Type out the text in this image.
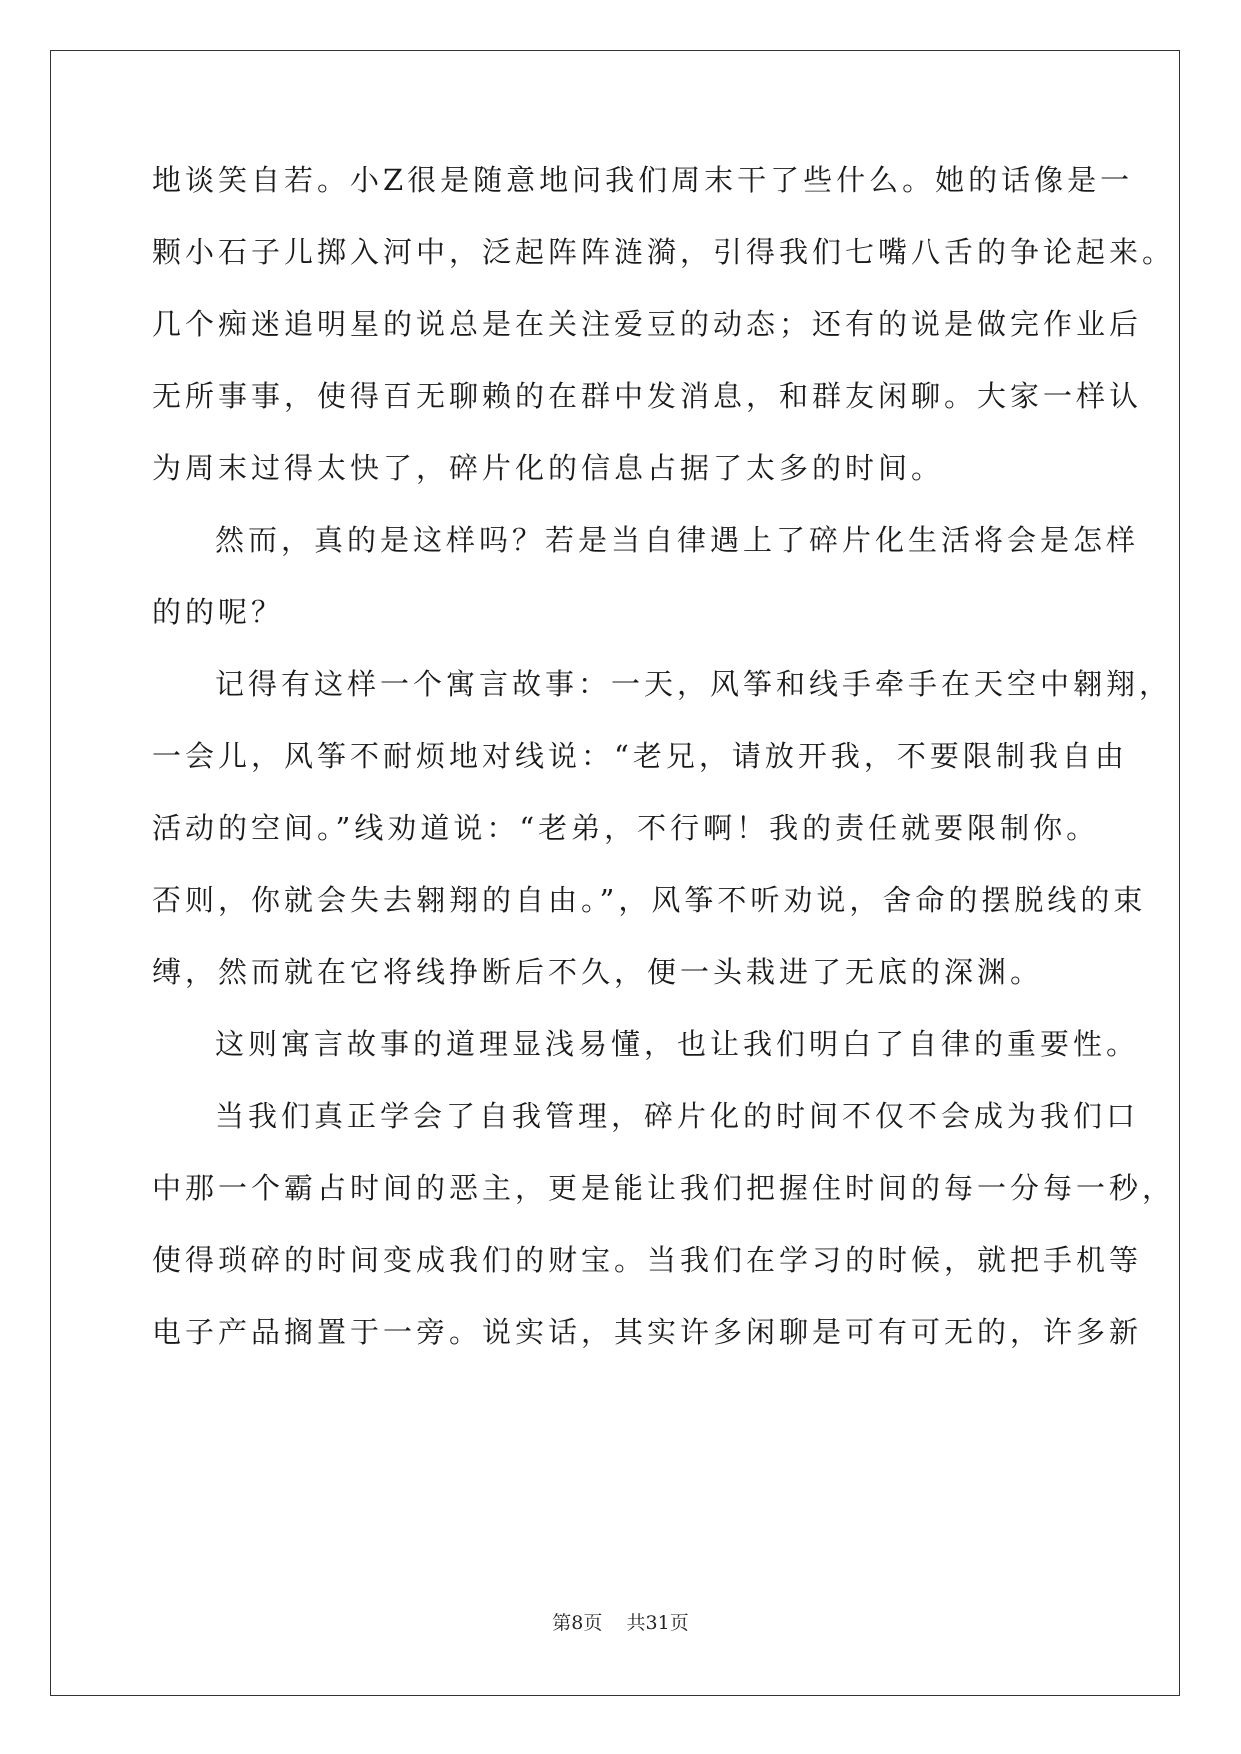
地谈笑自若。小Z很是随意地问我们周末干了些什么。她的话像是一
颗小石子儿掷入河中，泛起阵阵涟漪，引得我们七嘴八舌的争论起来。
几个痴迷追明星的说总是在关注爱豆的动态；还有的说是做完作业后
无所事事，使得百无聊赖的在群中发消息，和群友闲聊。大家一样认
为周末过得太快了，碎片化的信息占据了太多的时间。
然而，真的是这样吗？若是当自律遇上了碎片化生活将会是怎样
的的呢？
记得有这样一个寓言故事：一天，风筝和线手牵手在天空中翱翔，
一会儿，风筝不耐烦地对线说：“老兄，请放开我，不要限制我自由
活动的空间。”线劝道说：“老弟，不行啊！我的责任就要限制你。
否则，你就会失去翱翔的自由。”，风筝不听劝说，舍命的摆脱线的束
缚，然而就在它将线挣断后不久，便一头栽进了无底的深渊。
这则寓言故事的道理显浅易懂，也让我们明白了自律的重要性。
当我们真正学会了自我管理，碎片化的时间不仅不会成为我们口
中那一个霸占时间的恶主，更是能让我们把握住时间的每一分每一秒，
使得琐碎的时间变成我们的财宝。当我们在学习的时候，就把手机等
电子产品搁置于一旁。说实话，其实许多闲聊是可有可无的，许多新
第8页    共31页
